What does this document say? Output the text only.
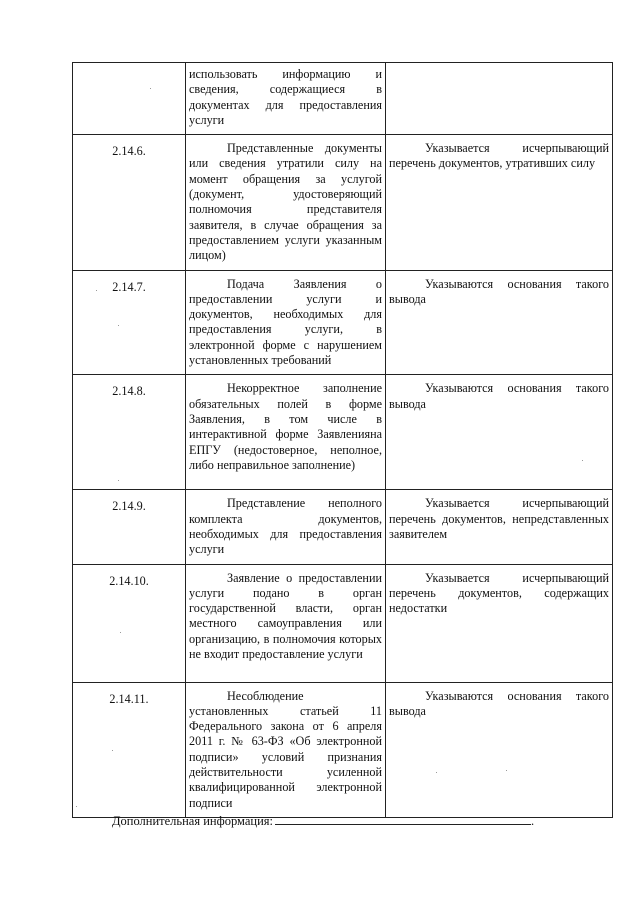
	использовать информацию и сведения, содержащиеся в документах для предоставления услуги	

2.14.6.	Представленные документы или сведения утратили силу на момент обращения за услугой (документ, удостоверяющий полномочия представителя заявителя, в случае обращения за предоставлением услуги указанным лицом)	Указывается исчерпывающий перечень документов, утративших силу

2.14.7.	Подача Заявления о предоставлении услуги и документов, необходимых для предоставления услуги, в электронной форме с нарушением установленных требований	Указываются основания такого вывода

2.14.8.	Некорректное заполнение обязательных полей в форме Заявления, в том числе в интерактивной форме Заявленияна ЕПГУ (недостоверное, неполное, либо неправильное заполнение)	Указываются основания такого вывода

2.14.9.	Представление неполного комплекта документов, необходимых для предоставления услуги	Указывается исчерпывающий перечень документов, непредставленных заявителем

2.14.10.	Заявление о предоставлении услуги подано в орган государственной власти, орган местного самоуправления или организацию, в полномочия которых не входит предоставление услуги	Указывается исчерпывающий перечень документов, содержащих недостатки

2.14.11.	Несоблюдение установленных статьей 11 Федерального закона от 6 апреля 2011 г. № 63-ФЗ «Об электронной подписи» условий признания действительности усиленной квалифицированной электронной подписи	Указываются основания такого вывода
Дополнительная информация:	.
